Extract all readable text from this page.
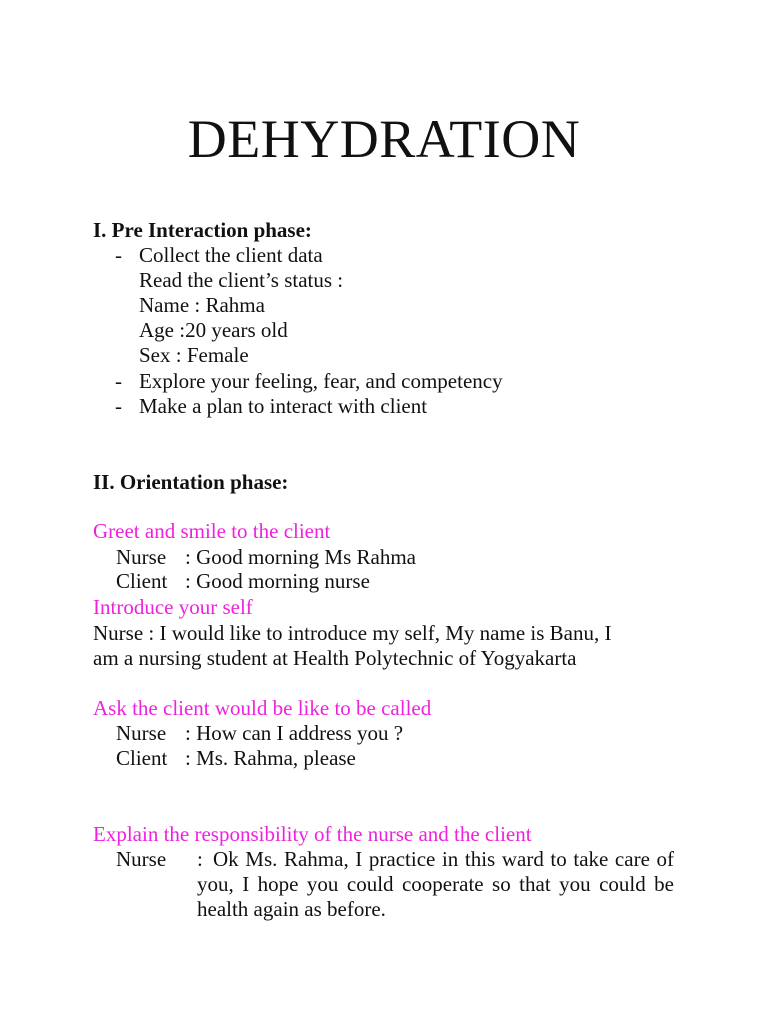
DEHYDRATION
I. Pre Interaction phase:
- Collect the client data
Read the client’s status :
Name : Rahma
Age :20 years old
Sex : Female
- Explore your feeling, fear, and competency
- Make a plan to interact with client
II. Orientation phase:
Greet and smile to the client
Nurse : Good morning Ms Rahma
Client : Good morning nurse
Introduce your self
Nurse : I would like to introduce my self, My name is Banu, I
am a nursing student at Health Polytechnic of Yogyakarta
Ask the client would be like to be called
Nurse : How can I address you ?
Client : Ms. Rahma, please
Explain the responsibility of the nurse and the client
Nurse : Ok Ms. Rahma, I practice in this ward to take care of you, I hope you could cooperate so that you could be health again as before.
